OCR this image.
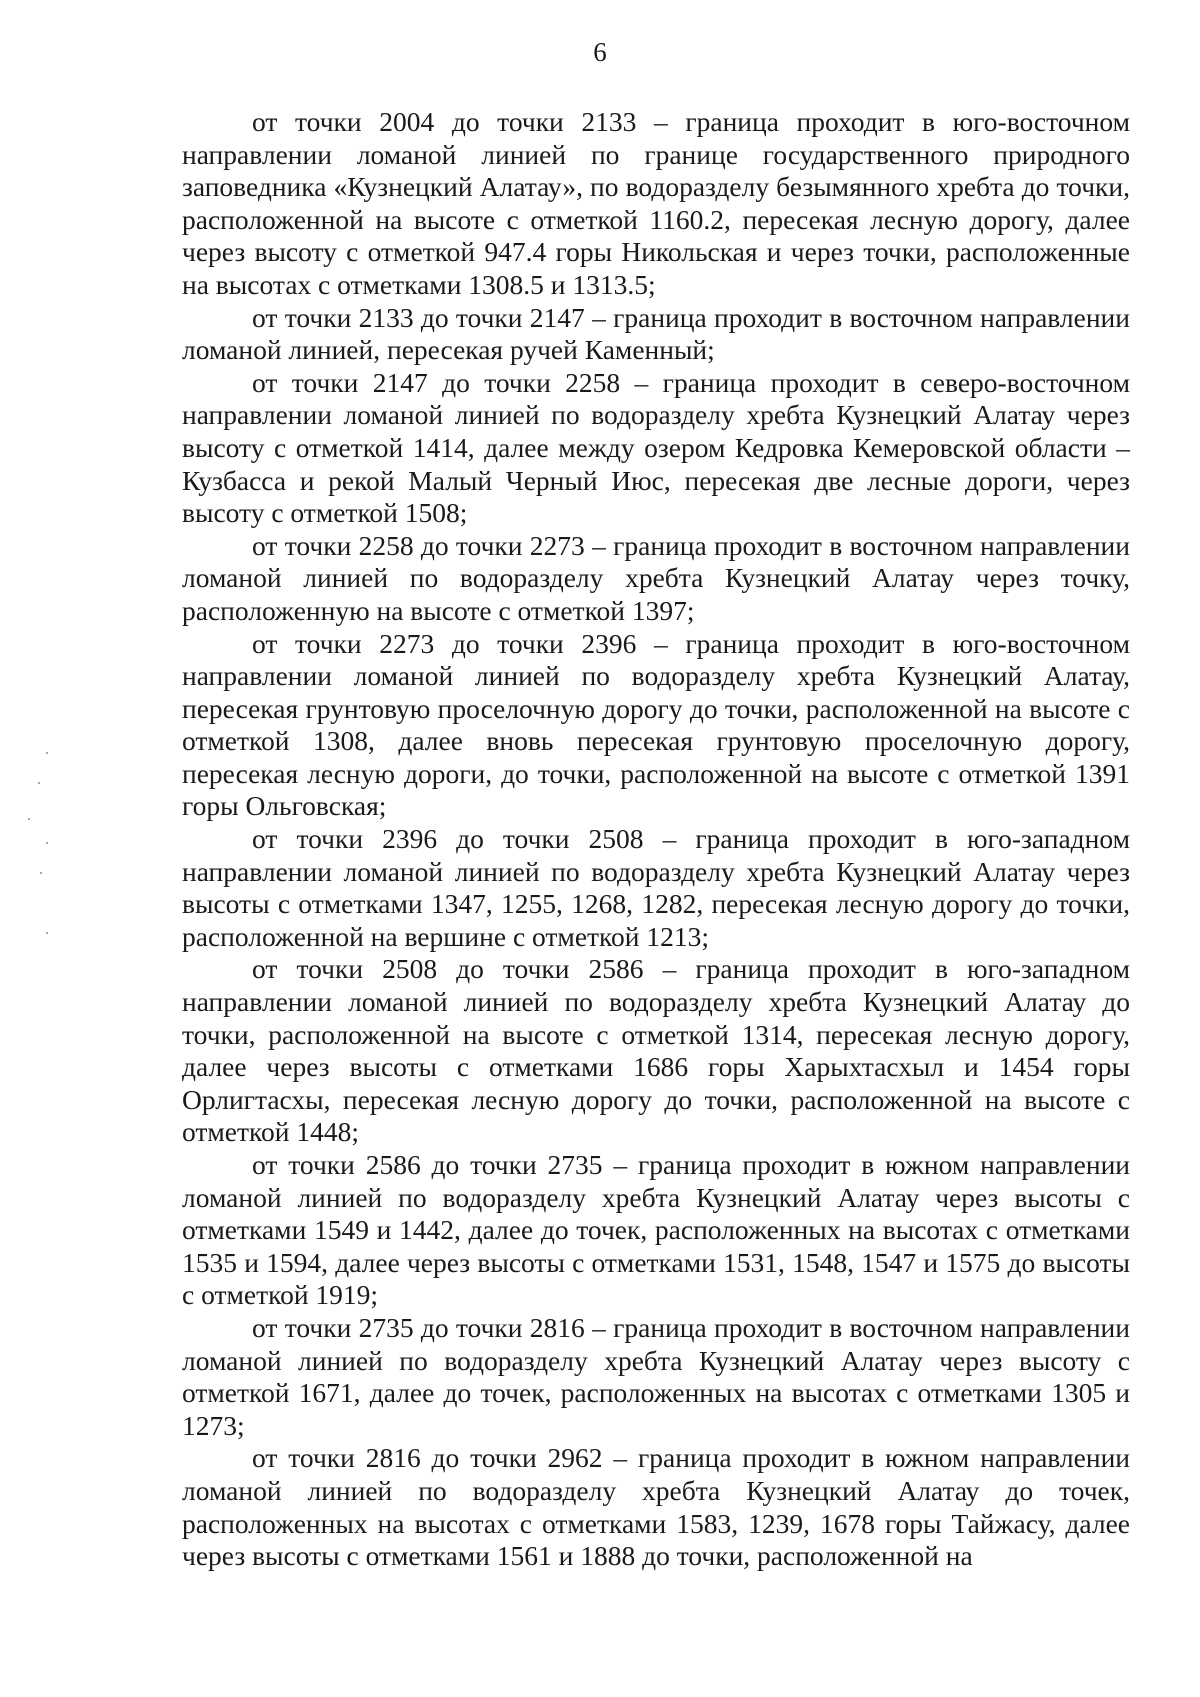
6

от точки 2004 до точки 2133 – граница проходит в юго-восточном направлении ломаной линией по границе государственного природного заповедника «Кузнецкий Алатау», по водоразделу безымянного хребта до точки, расположенной на высоте с отметкой 1160.2, пересекая лесную дорогу, далее через высоту с отметкой 947.4 горы Никольская и через точки, расположенные на высотах с отметками 1308.5 и 1313.5;

от точки 2133 до точки 2147 – граница проходит в восточном направлении ломаной линией, пересекая ручей Каменный;

от точки 2147 до точки 2258 – граница проходит в северо-восточном направлении ломаной линией по водоразделу хребта Кузнецкий Алатау через высоту с отметкой 1414, далее между озером Кедровка Кемеровской области – Кузбасса и рекой Малый Черный Июс, пересекая две лесные дороги, через высоту с отметкой 1508;

от точки 2258 до точки 2273 – граница проходит в восточном направлении ломаной линией по водоразделу хребта Кузнецкий Алатау через точку, расположенную на высоте с отметкой 1397;

от точки 2273 до точки 2396 – граница проходит в юго-восточном направлении ломаной линией по водоразделу хребта Кузнецкий Алатау, пересекая грунтовую проселочную дорогу до точки, расположенной на высоте с отметкой 1308, далее вновь пересекая грунтовую проселочную дорогу, пересекая лесную дороги, до точки, расположенной на высоте с отметкой 1391 горы Ольговская;

от точки 2396 до точки 2508 – граница проходит в юго-западном направлении ломаной линией по водоразделу хребта Кузнецкий Алатау через высоты с отметками 1347, 1255, 1268, 1282, пересекая лесную дорогу до точки, расположенной на вершине с отметкой 1213;

от точки 2508 до точки 2586 – граница проходит в юго-западном направлении ломаной линией по водоразделу хребта Кузнецкий Алатау до точки, расположенной на высоте с отметкой 1314, пересекая лесную дорогу, далее через высоты с отметками 1686 горы Харыхтасхыл и 1454 горы Орлигтасхы, пересекая лесную дорогу до точки, расположенной на высоте с отметкой 1448;

от точки 2586 до точки 2735 – граница проходит в южном направлении ломаной линией по водоразделу хребта Кузнецкий Алатау через высоты с отметками 1549 и 1442, далее до точек, расположенных на высотах с отметками 1535 и 1594, далее через высоты с отметками 1531, 1548, 1547 и 1575 до высоты с отметкой 1919;

от точки 2735 до точки 2816 – граница проходит в восточном направлении ломаной линией по водоразделу хребта Кузнецкий Алатау через высоту с отметкой 1671, далее до точек, расположенных на высотах с отметками 1305 и 1273;

от точки 2816 до точки 2962 – граница проходит в южном направлении ломаной линией по водоразделу хребта Кузнецкий Алатау до точек, расположенных на высотах с отметками 1583, 1239, 1678 горы Тайжасу, далее через высоты с отметками 1561 и 1888 до точки, расположенной на
